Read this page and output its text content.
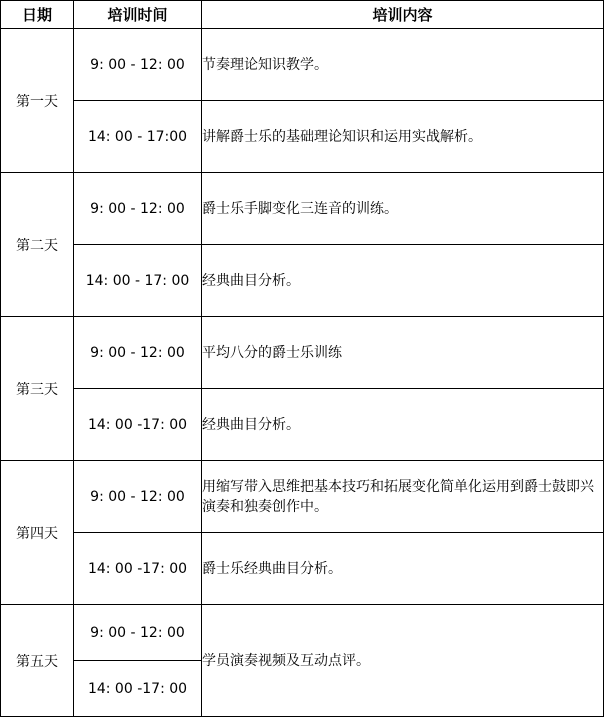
日期	培训时间	培训内容
第一天	9: 00 - 12: 00	节奏理论知识教学。
	14: 00 - 17:00	讲解爵士乐的基础理论知识和运用实战解析。
第二天	9: 00 - 12: 00	爵士乐手脚变化三连音的训练。
	14: 00 - 17: 00	经典曲目分析。
第三天	9: 00 - 12: 00	平均八分的爵士乐训练
	14: 00 -17: 00	经典曲目分析。
第四天	9: 00 - 12: 00	用缩写带入思维把基本技巧和拓展变化简单化运用到爵士鼓即兴演奏和独奏创作中。
	14: 00 -17: 00	爵士乐经典曲目分析。
第五天	9: 00 - 12: 00	学员演奏视频及互动点评。
	14: 00 -17: 00	
